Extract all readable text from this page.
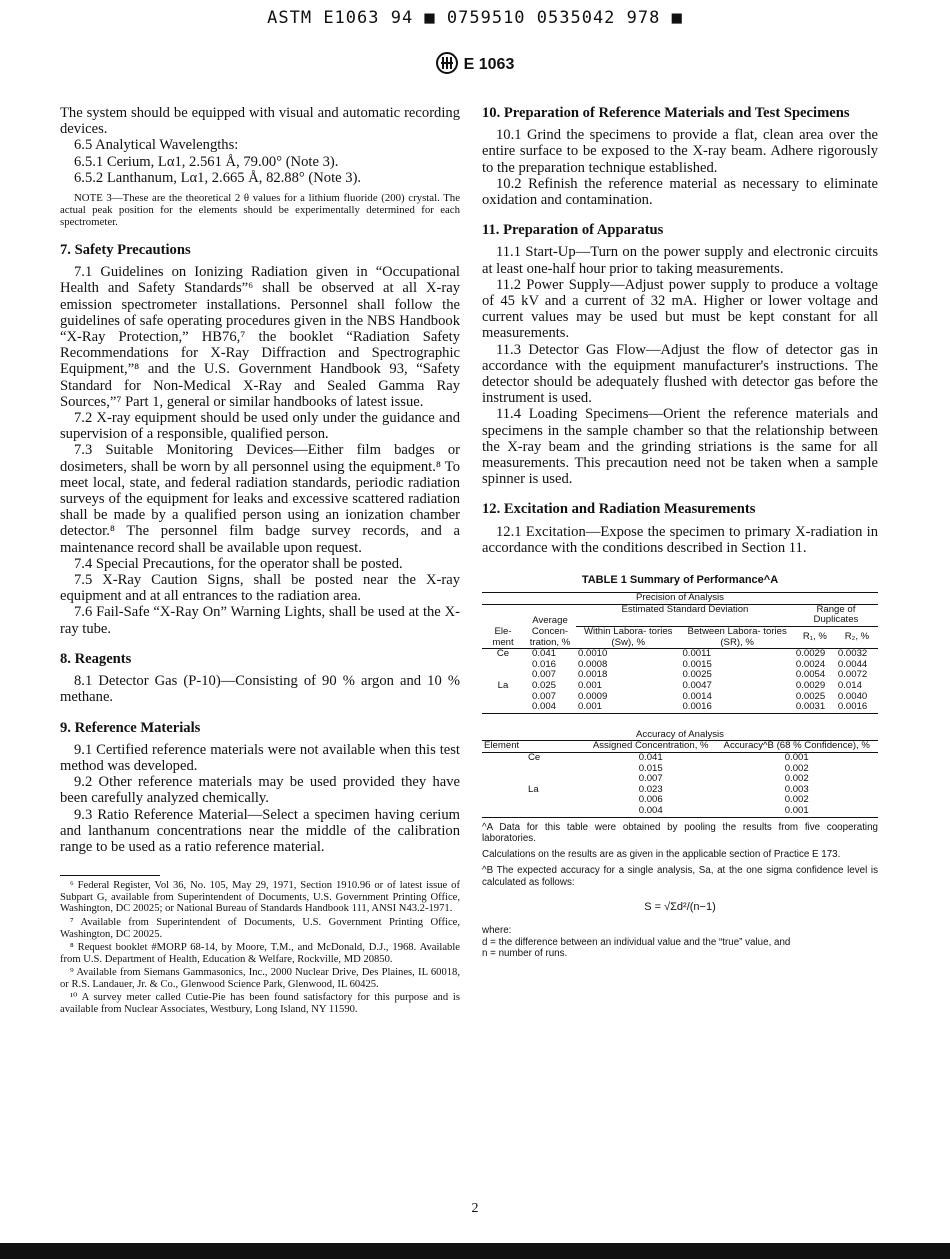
ASTM E1063 94 ■ 0759510 0535042 978 ■
E 1063

The system should be equipped with visual and automatic recording devices.

6.5 Analytical Wavelengths:

6.5.1 Cerium, Lα1, 2.561 Å, 79.00° (Note 3).

6.5.2 Lanthanum, Lα1, 2.665 Å, 82.88° (Note 3).

NOTE 3—These are the theoretical 2 θ values for a lithium fluoride (200) crystal. The actual peak position for the elements should be experimentally determined for each spectrometer.

7. Safety Precautions

7.1 Guidelines on Ionizing Radiation given in “Occupational Health and Safety Standards”⁶ shall be observed at all X-ray emission spectrometer installations. Personnel shall follow the guidelines of safe operating procedures given in the NBS Handbook “X-Ray Protection,” HB76,⁷ the booklet “Radiation Safety Recommendations for X-Ray Diffraction and Spectrographic Equipment,”⁸ and the U.S. Government Handbook 93, “Safety Standard for Non-Medical X-Ray and Sealed Gamma Ray Sources,”⁷ Part 1, general or similar handbooks of latest issue.

7.2 X-ray equipment should be used only under the guidance and supervision of a responsible, qualified person.

7.3 Suitable Monitoring Devices—Either film badges or dosimeters, shall be worn by all personnel using the equipment.⁸ To meet local, state, and federal radiation standards, periodic radiation surveys of the equipment for leaks and excessive scattered radiation shall be made by a qualified person using an ionization chamber detector.⁸ The personnel film badge survey records, and a maintenance record shall be available upon request.

7.4 Special Precautions, for the operator shall be posted.

7.5 X-Ray Caution Signs, shall be posted near the X-ray equipment and at all entrances to the radiation area.

7.6 Fail-Safe “X-Ray On” Warning Lights, shall be used at the X-ray tube.

8. Reagents

8.1 Detector Gas (P-10)—Consisting of 90 % argon and 10 % methane.

9. Reference Materials

9.1 Certified reference materials were not available when this test method was developed.

9.2 Other reference materials may be used provided they have been carefully analyzed chemically.

9.3 Ratio Reference Material—Select a specimen having cerium and lanthanum concentrations near the middle of the calibration range to be used as a ratio reference material.

⁶ Federal Register, Vol 36, No. 105, May 29, 1971, Section 1910.96 or of latest issue of Subpart G, available from Superintendent of Documents, U.S. Government Printing Office, Washington, DC 20025; or National Bureau of Standards Handbook 111, ANSI N43.2-1971.

⁷ Available from Superintendent of Documents, U.S. Government Printing Office, Washington, DC 20025.

⁸ Request booklet #MORP 68-14, by Moore, T.M., and McDonald, D.J., 1968. Available from U.S. Department of Health, Education & Welfare, Rockville, MD 20850.

⁹ Available from Siemans Gammasonics, Inc., 2000 Nuclear Drive, Des Plaines, IL 60018, or R.S. Landauer, Jr. & Co., Glenwood Science Park, Glenwood, IL 60425.

¹⁰ A survey meter called Cutie-Pie has been found satisfactory for this purpose and is available from Nuclear Associates, Westbury, Long Island, NY 11590.

10. Preparation of Reference Materials and Test Specimens

10.1 Grind the specimens to provide a flat, clean area over the entire surface to be exposed to the X-ray beam. Adhere rigorously to the preparation technique established.

10.2 Refinish the reference material as necessary to eliminate oxidation and contamination.

11. Preparation of Apparatus

11.1 Start-Up—Turn on the power supply and electronic circuits at least one-half hour prior to taking measurements.

11.2 Power Supply—Adjust power supply to produce a voltage of 45 kV and a current of 32 mA. Higher or lower voltage and current values may be used but must be kept constant for all measurements.

11.3 Detector Gas Flow—Adjust the flow of detector gas in accordance with the equipment manufacturer's instructions. The detector should be adequately flushed with detector gas before the instrument is used.

11.4 Loading Specimens—Orient the reference materials and specimens in the sample chamber so that the relationship between the X-ray beam and the grinding striations is the same for all measurements. This precaution need not be taken when a sample spinner is used.

12. Excitation and Radiation Measurements

12.1 Excitation—Expose the specimen to primary X-radiation in accordance with the conditions described in Section 11.

TABLE 1 Summary of Performance^A
Precision of Analysis					
Ele- ment	Average Concen- tration, %	Estimated Standard Deviation		Range of Duplicates	
		Within Labora- tories (Sw), %	Between Labora- tories (SR), %	R₁, %	R₂, %
Ce	0.041	0.0010	0.0011	0.0029	0.0032
	0.016	0.0008	0.0015	0.0024	0.0044
	0.007	0.0018	0.0025	0.0054	0.0072
La	0.025	0.001	0.0047	0.0029	0.014
	0.007	0.0009	0.0014	0.0025	0.0040
	0.004	0.001	0.0016	0.0031	0.0016
Accuracy of Analysis		
Element	Assigned Concentration, %	Accuracy^B (68 % Confidence), %
Ce	0.041	0.001
	0.015	0.002
	0.007	0.002
La	0.023	0.003
	0.006	0.002
	0.004	0.001

^A Data for this table were obtained by pooling the results from five cooperating laboratories.

Calculations on the results are as given in the applicable section of Practice E 173.

^B The expected accuracy for a single analysis, Sa, at the one sigma confidence level is calculated as follows:

S = √Σd²/(n−1)

where:

d = the difference between an individual value and the “true” value, and

n = number of runs.

2
